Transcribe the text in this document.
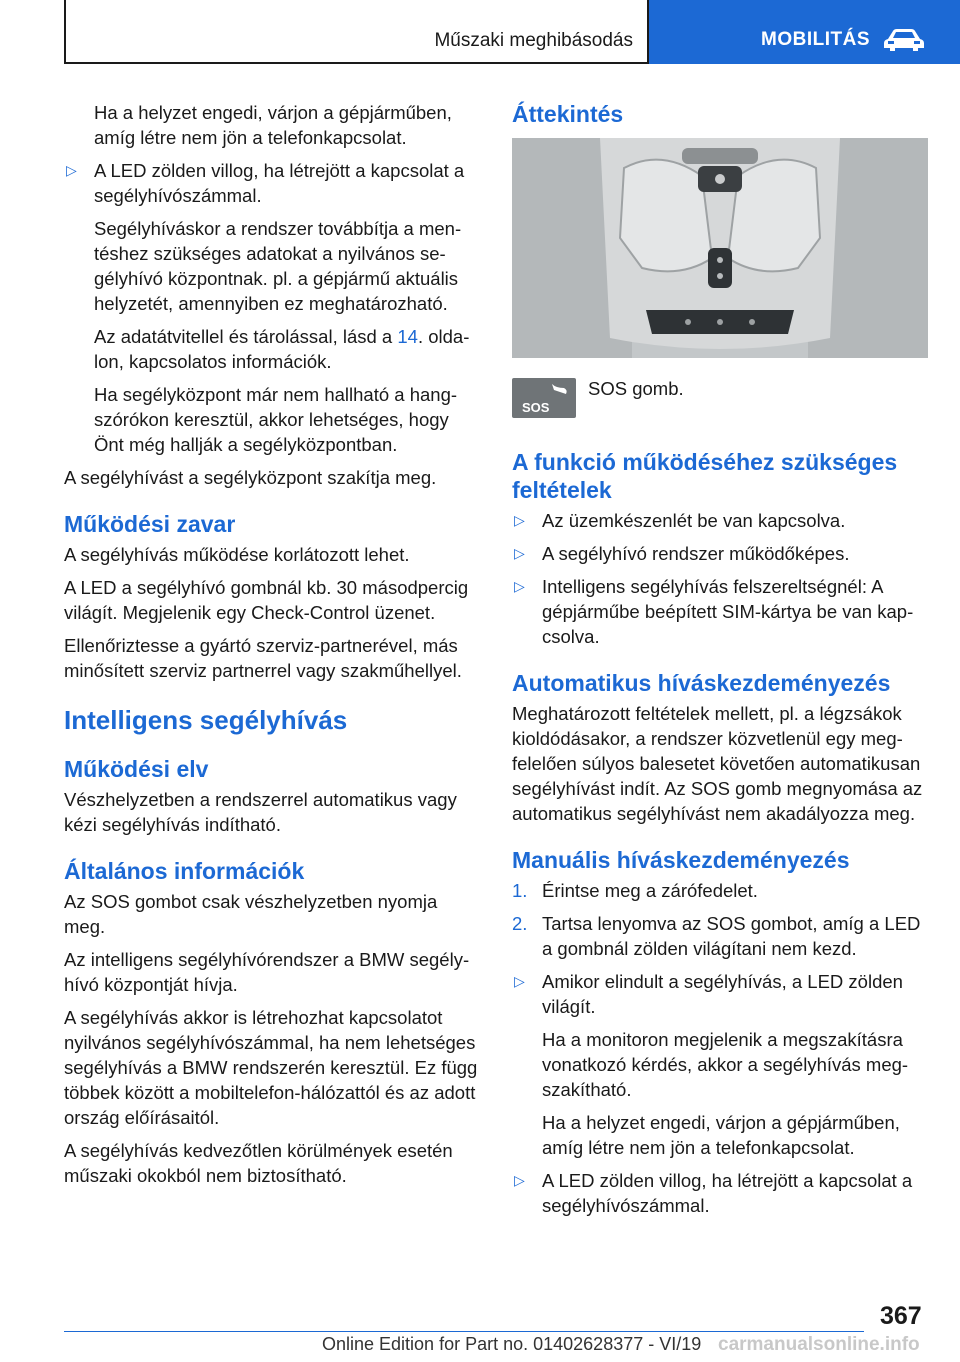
Műszaki meghibásodás	MOBILITÁS

Ha a helyzet engedi, várjon a gépjárműben, amíg létre nem jön a telefonkapcsolat.

▷ A LED zölden villog, ha létrejött a kapcsolat a segélyhívószámmal.

Segélyhíváskor a rendszer továbbítja a mentéshez szükséges adatokat a nyilvános segélyhívó központnak. pl. a gépjármű aktuális helyzetét, amennyiben ez meghatározható.

Az adatátvitellel és tárolással, lásd a 14. oldalon, kapcsolatos információk.

Ha segélyközpont már nem hallható a hangszórókon keresztül, akkor lehetséges, hogy Önt még hallják a segélyközpontban.

A segélyhívást a segélyközpont szakítja meg.

Működési zavar

A segélyhívás működése korlátozott lehet.

A LED a segélyhívó gombnál kb. 30 másodpercig világít. Megjelenik egy Check-Control üzenet.

Ellenőriztesse a gyártó szerviz-partnerével, más minősített szerviz partnerrel vagy szakműhellyel.

Intelligens segélyhívás
Működési elv

Vészhelyzetben a rendszerrel automatikus vagy kézi segélyhívás indítható.

Általános információk

Az SOS gombot csak vészhelyzetben nyomja meg.

Az intelligens segélyhívórendszer a BMW segélyhívó központját hívja.

A segélyhívás akkor is létrehozhat kapcsolatot nyilvános segélyhívószámmal, ha nem lehetséges segélyhívás a BMW rendszerén keresztül. Ez függ többek között a mobiltelefon-hálózattól és az adott ország előírásaitól.

A segélyhívás kedvezőtlen körülmények esetén műszaki okokból nem biztosítható.

Áttekintés
SOS
SOS gomb.
A funkció működéséhez szükséges feltételek
▷ Az üzemkészenlét be van kapcsolva.

▷ A segélyhívó rendszer működőképes.

▷ Intelligens segélyhívás felszereltségnél: A gépjárműbe beépített SIM-kártya be van kapcsolva.

Automatikus híváskezdeményezés

Meghatározott feltételek mellett, pl. a légzsákok kioldódásakor, a rendszer közvetlenül egy megfelelően súlyos balesetet követően automatikusan segélyhívást indít. Az SOS gomb megnyomása az automatikus segélyhívást nem akadályozza meg.

Manuális híváskezdeményezés
1. Érintse meg a zárófedelet.

2. Tartsa lenyomva az SOS gombot, amíg a LED a gombnál zölden világítani nem kezd.

▷ Amikor elindult a segélyhívás, a LED zölden világít.

Ha a monitoron megjelenik a megszakításra vonatkozó kérdés, akkor a segélyhívás megszakítható.

Ha a helyzet engedi, várjon a gépjárműben, amíg létre nem jön a telefonkapcsolat.

▷ A LED zölden villog, ha létrejött a kapcsolat a segélyhívószámmal.

367
Online Edition for Part no. 01402628377 - VI/19 carmanualsonline.info
